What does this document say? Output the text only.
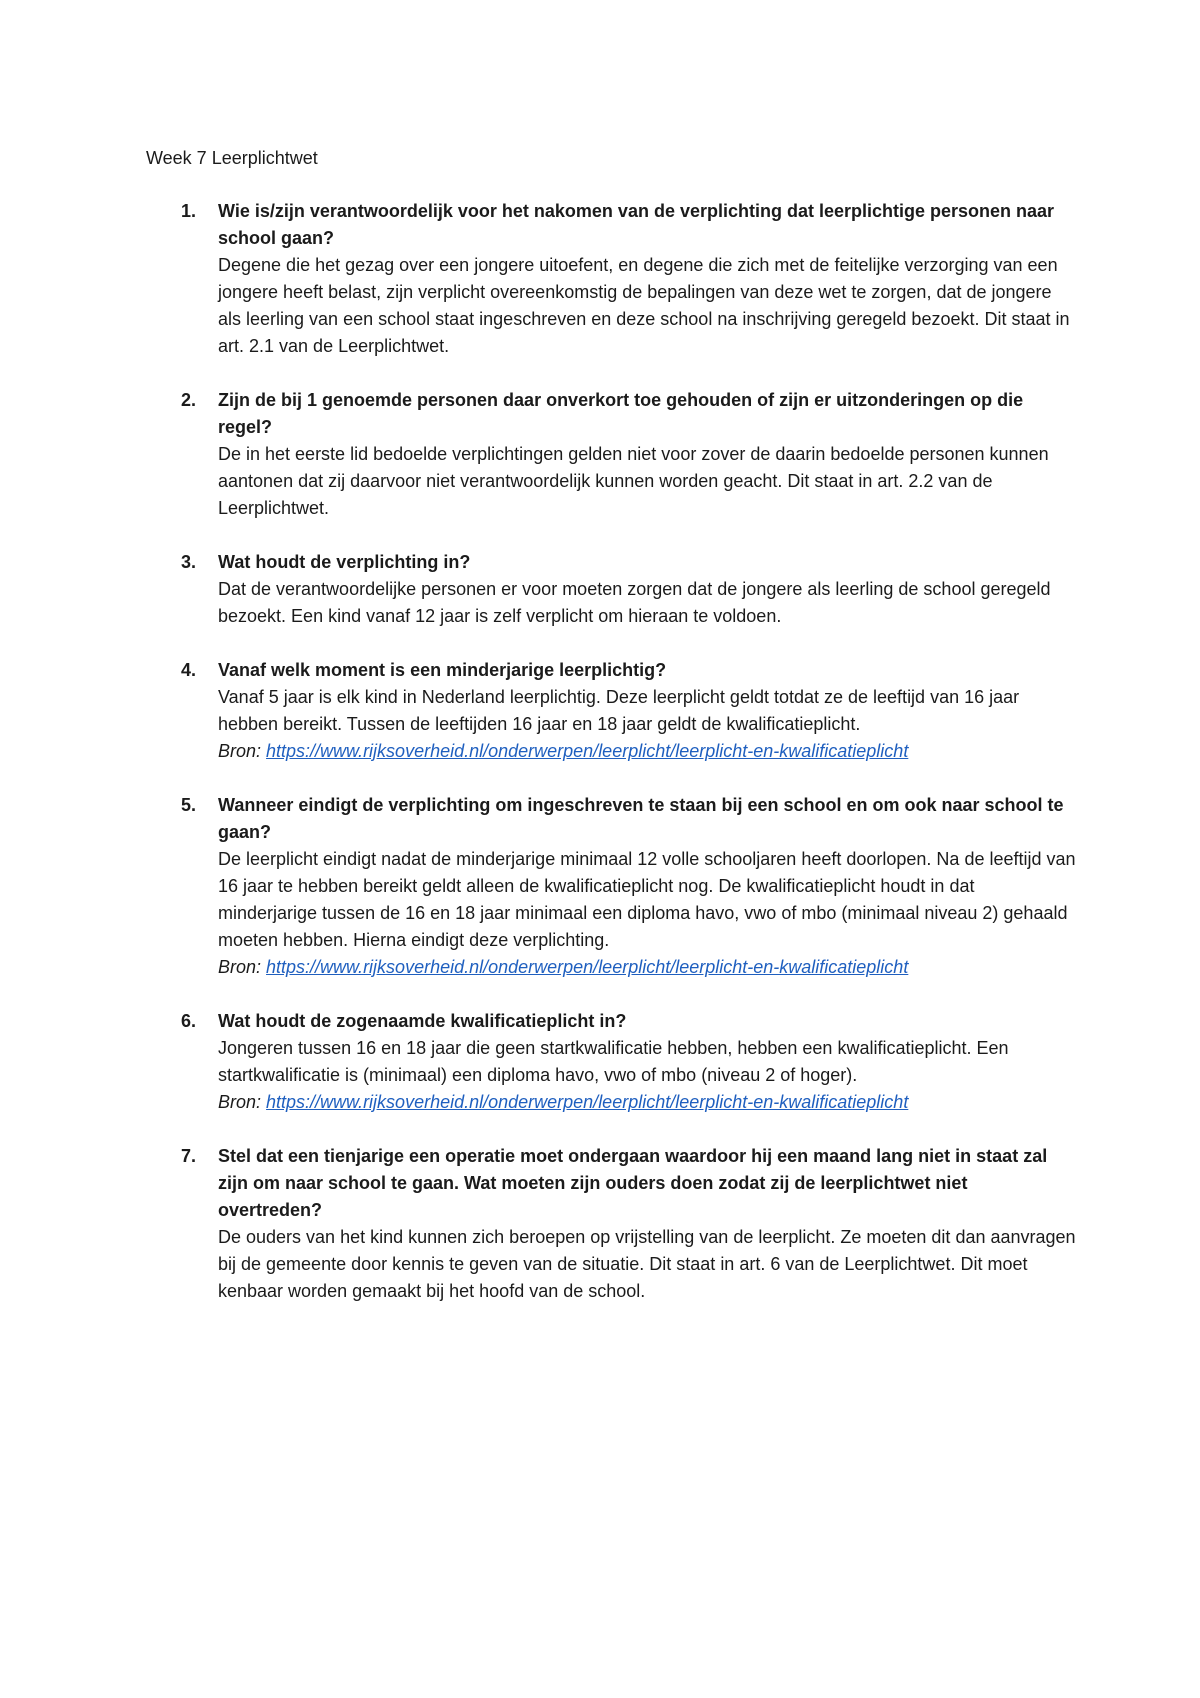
Week 7 Leerplichtwet
1. Wie is/zijn verantwoordelijk voor het nakomen van de verplichting dat leerplichtige personen naar school gaan?

Degene die het gezag over een jongere uitoefent, en degene die zich met de feitelijke verzorging van een jongere heeft belast, zijn verplicht overeenkomstig de bepalingen van deze wet te zorgen, dat de jongere als leerling van een school staat ingeschreven en deze school na inschrijving geregeld bezoekt. Dit staat in art. 2.1 van de Leerplichtwet.

2. Zijn de bij 1 genoemde personen daar onverkort toe gehouden of zijn er uitzonderingen op die regel?

De in het eerste lid bedoelde verplichtingen gelden niet voor zover de daarin bedoelde personen kunnen aantonen dat zij daarvoor niet verantwoordelijk kunnen worden geacht. Dit staat in art. 2.2 van de Leerplichtwet.

3. Wat houdt de verplichting in?

Dat de verantwoordelijke personen er voor moeten zorgen dat de jongere als leerling de school geregeld bezoekt. Een kind vanaf 12 jaar is zelf verplicht om hieraan te voldoen.

4. Vanaf welk moment is een minderjarige leerplichtig?

Vanaf 5 jaar is elk kind in Nederland leerplichtig. Deze leerplicht geldt totdat ze de leeftijd van 16 jaar hebben bereikt. Tussen de leeftijden 16 jaar en 18 jaar geldt de kwalificatieplicht.

Bron: https://www.rijksoverheid.nl/onderwerpen/leerplicht/leerplicht-en-kwalificatieplicht

5. Wanneer eindigt de verplichting om ingeschreven te staan bij een school en om ook naar school te gaan?

De leerplicht eindigt nadat de minderjarige minimaal 12 volle schooljaren heeft doorlopen. Na de leeftijd van 16 jaar te hebben bereikt geldt alleen de kwalificatieplicht nog. De kwalificatieplicht houdt in dat minderjarige tussen de 16 en 18 jaar minimaal een diploma havo, vwo of mbo (minimaal niveau 2) gehaald moeten hebben. Hierna eindigt deze verplichting.

Bron: https://www.rijksoverheid.nl/onderwerpen/leerplicht/leerplicht-en-kwalificatieplicht

6. Wat houdt de zogenaamde kwalificatieplicht in?

Jongeren tussen 16 en 18 jaar die geen startkwalificatie hebben, hebben een kwalificatieplicht. Een startkwalificatie is (minimaal) een diploma havo, vwo of mbo (niveau 2 of hoger).

Bron: https://www.rijksoverheid.nl/onderwerpen/leerplicht/leerplicht-en-kwalificatieplicht

7. Stel dat een tienjarige een operatie moet ondergaan waardoor hij een maand lang niet in staat zal zijn om naar school te gaan. Wat moeten zijn ouders doen zodat zij de leerplichtwet niet overtreden?

De ouders van het kind kunnen zich beroepen op vrijstelling van de leerplicht. Ze moeten dit dan aanvragen bij de gemeente door kennis te geven van de situatie. Dit staat in art. 6 van de Leerplichtwet. Dit moet kenbaar worden gemaakt bij het hoofd van de school.
